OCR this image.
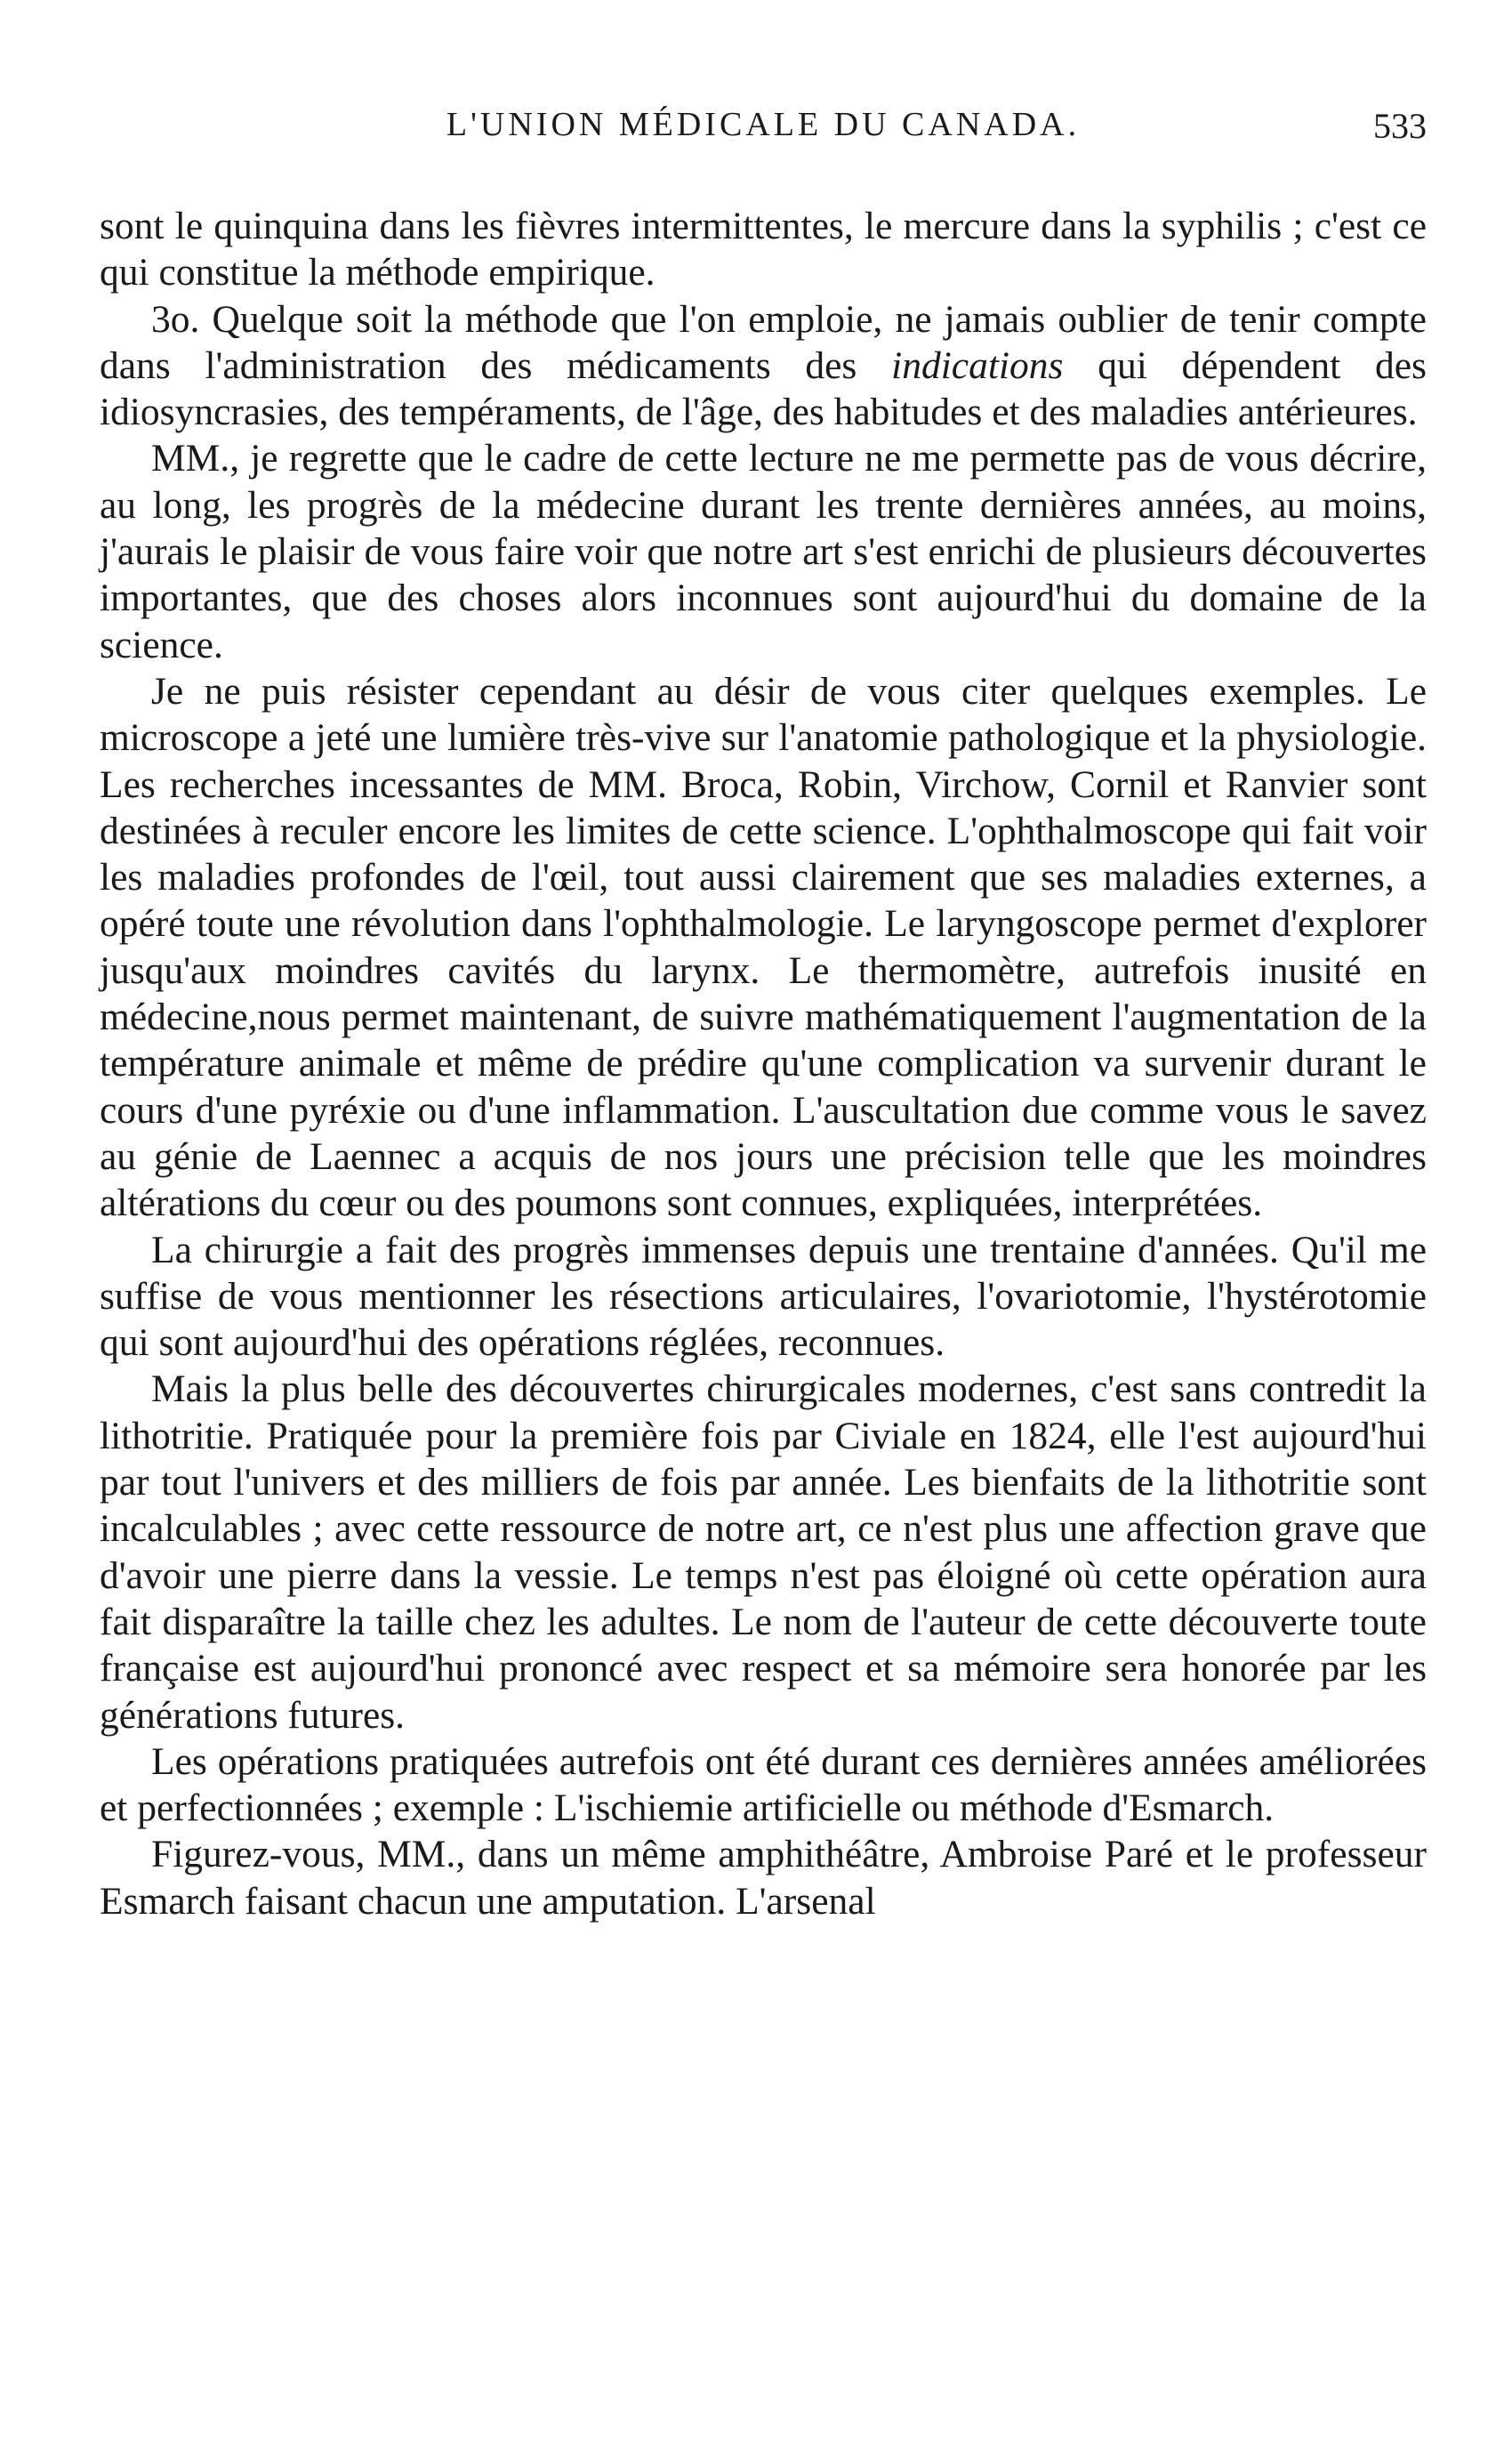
L'UNION MÉDICALE DU CANADA.	533

sont le quinquina dans les fièvres intermittentes, le mercure dans la syphilis ; c'est ce qui constitue la méthode empirique.

3o. Quelque soit la méthode que l'on emploie, ne jamais oublier de tenir compte dans l'administration des médicaments des indications qui dépendent des idiosyncrasies, des tempéraments, de l'âge, des habitudes et des maladies antérieures.

MM., je regrette que le cadre de cette lecture ne me permette pas de vous décrire, au long, les progrès de la médecine durant les trente dernières années, au moins, j'aurais le plaisir de vous faire voir que notre art s'est enrichi de plusieurs découvertes importantes, que des choses alors inconnues sont aujourd'hui du domaine de la science.

Je ne puis résister cependant au désir de vous citer quelques exemples. Le microscope a jeté une lumière très-vive sur l'anatomie pathologique et la physiologie. Les recherches incessantes de MM. Broca, Robin, Virchow, Cornil et Ranvier sont destinées à reculer encore les limites de cette science. L'ophthalmoscope qui fait voir les maladies profondes de l'œil, tout aussi clairement que ses maladies externes, a opéré toute une révolution dans l'ophthalmologie. Le laryngoscope permet d'explorer jusqu'aux moindres cavités du larynx. Le thermomètre, autrefois inusité en médecine,nous permet maintenant, de suivre mathématiquement l'augmentation de la température animale et même de prédire qu'une complication va survenir durant le cours d'une pyréxie ou d'une inflammation. L'auscultation due comme vous le savez au génie de Laennec a acquis de nos jours une précision telle que les moindres altérations du cœur ou des poumons sont connues, expliquées, interprétées.

La chirurgie a fait des progrès immenses depuis une trentaine d'années. Qu'il me suffise de vous mentionner les résections articulaires, l'ovariotomie, l'hystérotomie qui sont aujourd'hui des opérations réglées, reconnues.

Mais la plus belle des découvertes chirurgicales modernes, c'est sans contredit la lithotritie. Pratiquée pour la première fois par Civiale en 1824, elle l'est aujourd'hui par tout l'univers et des milliers de fois par année. Les bienfaits de la lithotritie sont incalculables ; avec cette ressource de notre art, ce n'est plus une affection grave que d'avoir une pierre dans la vessie. Le temps n'est pas éloigné où cette opération aura fait disparaître la taille chez les adultes. Le nom de l'auteur de cette découverte toute française est aujourd'hui prononcé avec respect et sa mémoire sera honorée par les générations futures.

Les opérations pratiquées autrefois ont été durant ces dernières années améliorées et perfectionnées ; exemple : L'ischiemie artificielle ou méthode d'Esmarch.

Figurez-vous, MM., dans un même amphithéâtre, Ambroise Paré et le professeur Esmarch faisant chacun une amputation. L'arsenal
